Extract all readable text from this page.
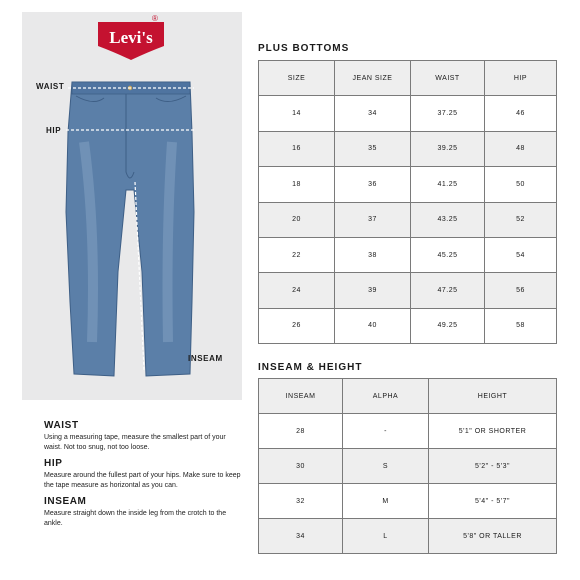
Levi's
®
WAIST
HIP
INSEAM
WAIST
Using a measuring tape, measure the smallest part of your waist. Not too snug, not too loose.
HIP
Measure around the fullest part of your hips. Make sure to keep the tape measure as horizontal as you can.
INSEAM
Measure straight down the inside leg from the crotch to the ankle.
PLUS BOTTOMS
SIZE	JEAN SIZE	WAIST	HIP
14	34	37.25	46
16	35	39.25	48
18	36	41.25	50
20	37	43.25	52
22	38	45.25	54
24	39	47.25	56
26	40	49.25	58
INSEAM & HEIGHT
INSEAM	ALPHA	HEIGHT
28	-	5'1" OR SHORTER
30	S	5'2" - 5'3"
32	M	5'4" - 5'7"
34	L	5'8" OR TALLER
